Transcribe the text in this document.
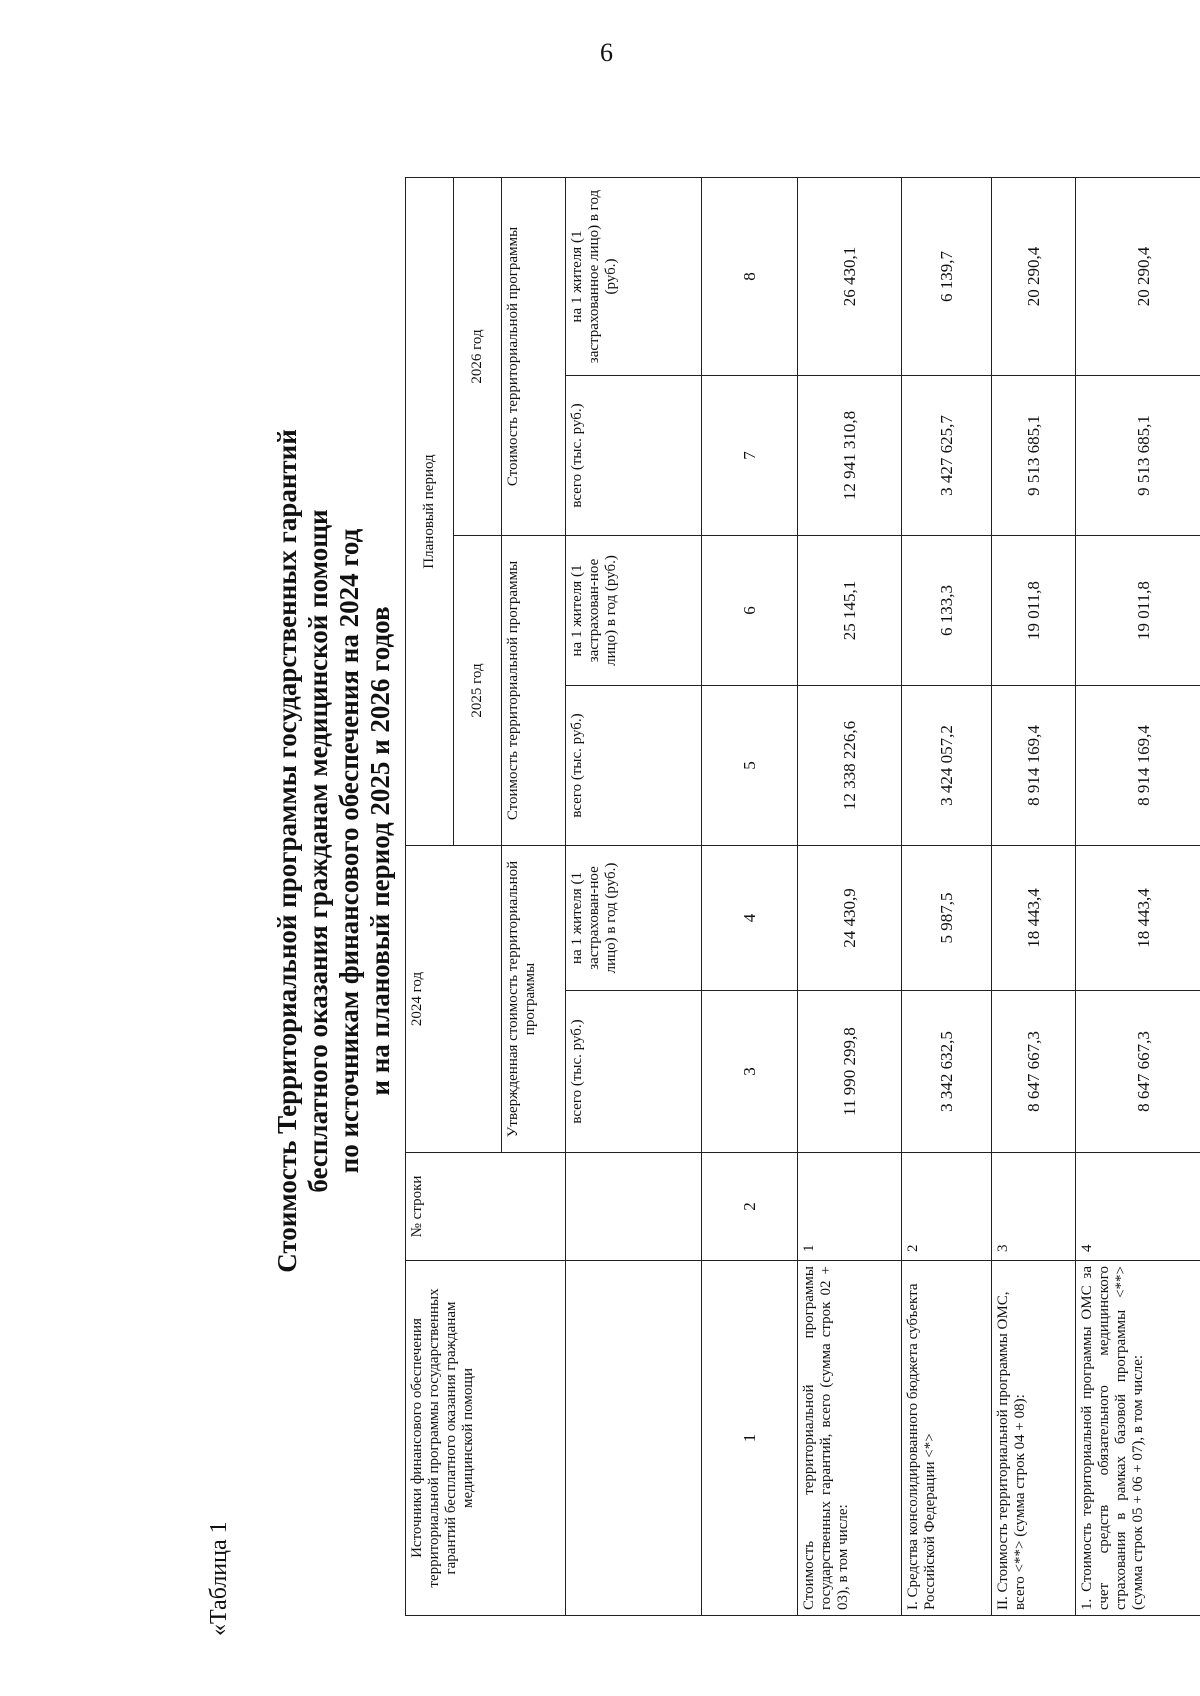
6
«Таблица 1
Стоимость Территориальной программы государственных гарантий бесплатного оказания гражданам медицинской помощи по источникам финансового обеспечения на 2024 год и на плановый период 2025 и 2026 годов
Источники финансового обеспечения территориальной программы государственных гарантий бесплатного оказания гражданам медицинской помощи	№ строки	2024 год		Плановый период			
				2025 год		2026 год	
		Утвержденная стоимость территориальной программы		Стоимость территориальной программы		Стоимость территориальной программы	
		всего (тыс. руб.)	на 1 жителя (1 застрахован-ное лицо) в год (руб.)	всего (тыс. руб.)	на 1 жителя (1 застрахован-ное лицо) в год (руб.)	всего (тыс. руб.)	на 1 жителя (1 застрахованное лицо) в год (руб.)
1	2	3	4	5	6	7	8
Стоимость территориальной программы государственных гарантий, всего (сумма строк 02 + 03), в том числе:	1	11 990 299,8	24 430,9	12 338 226,6	25 145,1	12 941 310,8	26 430,1
I. Средства консолидированного бюджета субъекта Российской Федерации <*>	2	3 342 632,5	5 987,5	3 424 057,2	6 133,3	3 427 625,7	6 139,7
II. Стоимость территориальной программы ОМС, всего <**> (сумма строк 04 + 08):	3	8 647 667,3	18 443,4	8 914 169,4	19 011,8	9 513 685,1	20 290,4
1. Стоимость территориальной программы ОМС за счет средств обязательного медицинского страхования в рамках базовой программы <**> (сумма строк 05 + 06 + 07), в том числе:	4	8 647 667,3	18 443,4	8 914 169,4	19 011,8	9 513 685,1	20 290,4
